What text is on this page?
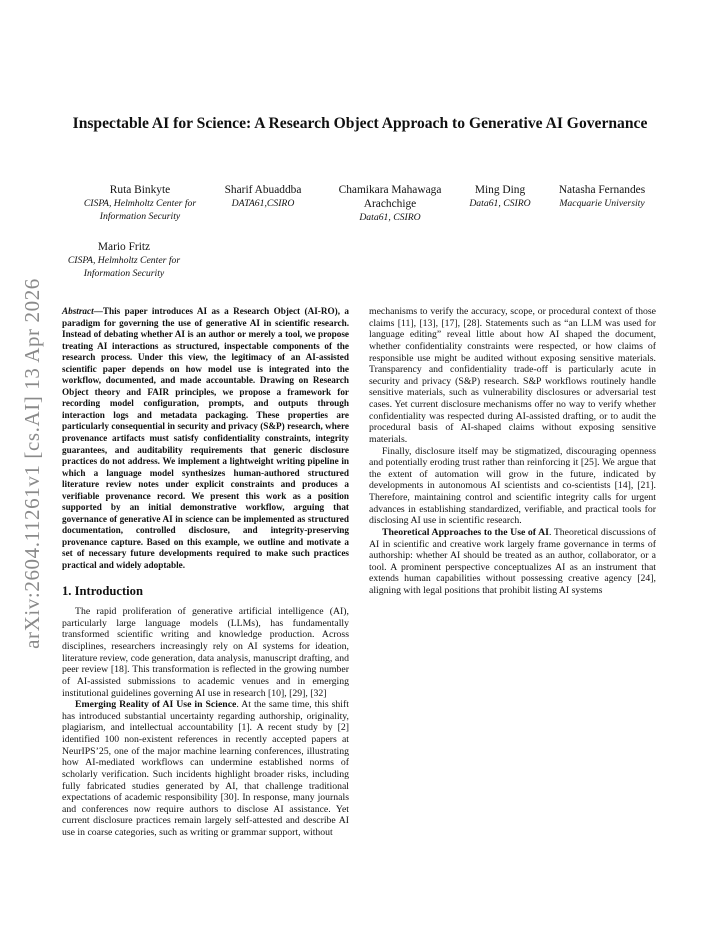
arXiv:2604.11261v1 [cs.AI] 13 Apr 2026
Inspectable AI for Science: A Research Object Approach to Generative AI Governance
Ruta Binkyte
CISPA, Helmholtz Center for Information Security
Sharif Abuaddba
DATA61,CSIRO
Chamikara Mahawaga Arachchige
Data61, CSIRO
Ming Ding
Data61, CSIRO
Natasha Fernandes
Macquarie University
Mario Fritz
CISPA, Helmholtz Center for Information Security

Abstract—This paper introduces AI as a Research Object (AI-RO), a paradigm for governing the use of generative AI in scientific research. Instead of debating whether AI is an author or merely a tool, we propose treating AI interactions as structured, inspectable components of the research process. Under this view, the legitimacy of an AI-assisted scientific paper depends on how model use is integrated into the workflow, documented, and made accountable. Drawing on Research Object theory and FAIR principles, we propose a framework for recording model configuration, prompts, and outputs through interaction logs and metadata packaging. These properties are particularly consequential in security and privacy (S&P) research, where provenance artifacts must satisfy confidentiality constraints, integrity guarantees, and auditability requirements that generic disclosure practices do not address. We implement a lightweight writing pipeline in which a language model synthesizes human-authored structured literature review notes under explicit constraints and produces a verifiable provenance record. We present this work as a position supported by an initial demonstrative workflow, arguing that governance of generative AI in science can be implemented as structured documentation, controlled disclosure, and integrity-preserving provenance capture. Based on this example, we outline and motivate a set of necessary future developments required to make such practices practical and widely adoptable.

1. Introduction

The rapid proliferation of generative artificial intelligence (AI), particularly large language models (LLMs), has fundamentally transformed scientific writing and knowledge production. Across disciplines, researchers increasingly rely on AI systems for ideation, literature review, code generation, data analysis, manuscript drafting, and peer review [18]. This transformation is reflected in the growing number of AI-assisted submissions to academic venues and in emerging institutional guidelines governing AI use in research [10], [29], [32]

Emerging Reality of AI Use in Science. At the same time, this shift has introduced substantial uncertainty regarding authorship, originality, plagiarism, and intellectual accountability [1]. A recent study by [2] identified 100 non-existent references in recently accepted papers at NeurIPS’25, one of the major machine learning conferences, illustrating how AI-mediated workflows can undermine established norms of scholarly verification. Such incidents highlight broader risks, including fully fabricated studies generated by AI, that challenge traditional expectations of academic responsibility [30]. In response, many journals and conferences now require authors to disclose AI assistance. Yet current disclosure practices remain largely self-attested and describe AI use in coarse categories, such as writing or grammar support, without

mechanisms to verify the accuracy, scope, or procedural context of those claims [11], [13], [17], [28]. Statements such as “an LLM was used for language editing” reveal little about how AI shaped the document, whether confidentiality constraints were respected, or how claims of responsible use might be audited without exposing sensitive materials. Transparency and confidentiality trade-off is particularly acute in security and privacy (S&P) research. S&P workflows routinely handle sensitive materials, such as vulnerability disclosures or adversarial test cases. Yet current disclosure mechanisms offer no way to verify whether confidentiality was respected during AI-assisted drafting, or to audit the procedural basis of AI-shaped claims without exposing sensitive materials.

Finally, disclosure itself may be stigmatized, discouraging openness and potentially eroding trust rather than reinforcing it [25]. We argue that the extent of automation will grow in the future, indicated by developments in autonomous AI scientists and co-scientists [14], [21]. Therefore, maintaining control and scientific integrity calls for urgent advances in establishing standardized, verifiable, and practical tools for disclosing AI use in scientific research.

Theoretical Approaches to the Use of AI. Theoretical discussions of AI in scientific and creative work largely frame governance in terms of authorship: whether AI should be treated as an author, collaborator, or a tool. A prominent perspective conceptualizes AI as an instrument that extends human capabilities without possessing creative agency [24], aligning with legal positions that prohibit listing AI systems
